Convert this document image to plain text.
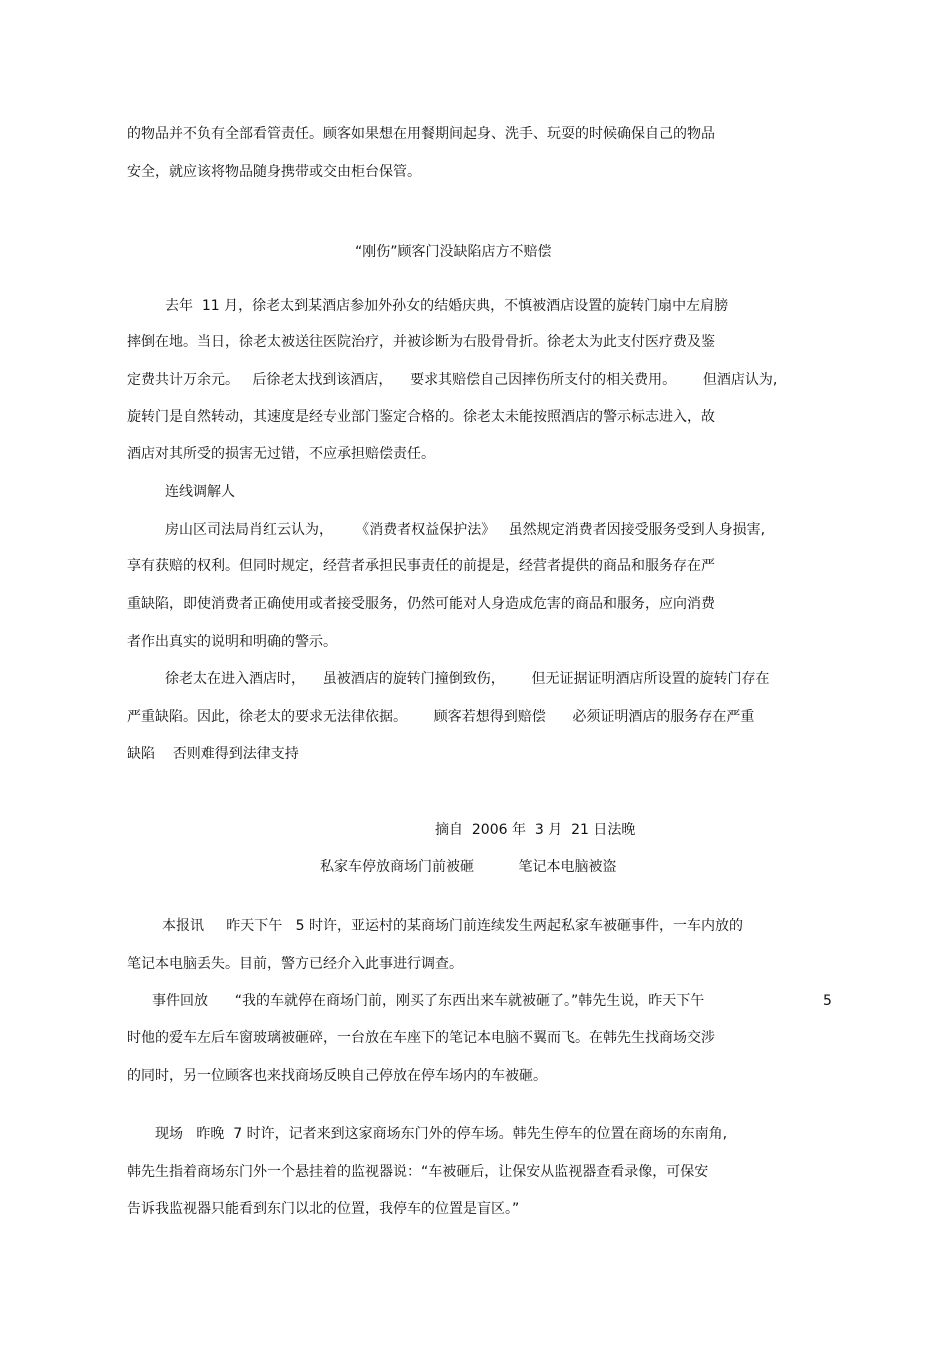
的物品并不负有全部看管责任。顾客如果想在用餐期间起身、洗手、玩耍的时候确保自己的物品
安全，就应该将物品随身携带或交由柜台保管。
“刚伤”顾客门没缺陷店方不赔偿
去年  11 月，徐老太到某酒店参加外孙女的结婚庆典，不慎被酒店设置的旋转门扇中左肩膀
摔倒在地。当日，徐老太被送往医院治疗，并被诊断为右股骨骨折。徐老太为此支付医疗费及鉴
定费共计万余元。   后徐老太找到该酒店，    要求其赔偿自己因摔伤所支付的相关费用。      但酒店认为,
旋转门是自然转动，其速度是经专业部门鉴定合格的。徐老太未能按照酒店的警示标志进入，故
酒店对其所受的损害无过错，不应承担赔偿责任。
连线调解人
房山区司法局肖红云认为，     《消费者权益保护法》   虽然规定消费者因接受服务受到人身损害,
享有获赔的权利。但同时规定，经营者承担民事责任的前提是，经营者提供的商品和服务存在严
重缺陷，即使消费者正确使用或者接受服务，仍然可能对人身造成危害的商品和服务，应向消费
者作出真实的说明和明确的警示。
徐老太在进入酒店时，    虽被酒店的旋转门撞倒致伤，      但无证据证明酒店所设置的旋转门存在
严重缺陷。因此，徐老太的要求无法律依据。      顾客若想得到赔偿      必须证明酒店的服务存在严重
缺陷    否则难得到法律支持
摘自  2006 年  3 月  21 日法晚
私家车停放商场门前被砸          笔记本电脑被盗
本报讯     昨天下午   5 时许，亚运村的某商场门前连续发生两起私家车被砸事件，一车内放的
笔记本电脑丢失。目前，警方已经介入此事进行调查。
事件回放      “我的车就停在商场门前，刚买了东西出来车就被砸了。”韩先生说，昨天下午	5
时他的爱车左后车窗玻璃被砸碎，一台放在车座下的笔记本电脑不翼而飞。在韩先生找商场交涉
的同时，另一位顾客也来找商场反映自己停放在停车场内的车被砸。
现场   昨晚  7 时许，记者来到这家商场东门外的停车场。韩先生停车的位置在商场的东南角,
韩先生指着商场东门外一个悬挂着的监视器说：“车被砸后，让保安从监视器查看录像，可保安
告诉我监视器只能看到东门以北的位置，我停车的位置是盲区。”
